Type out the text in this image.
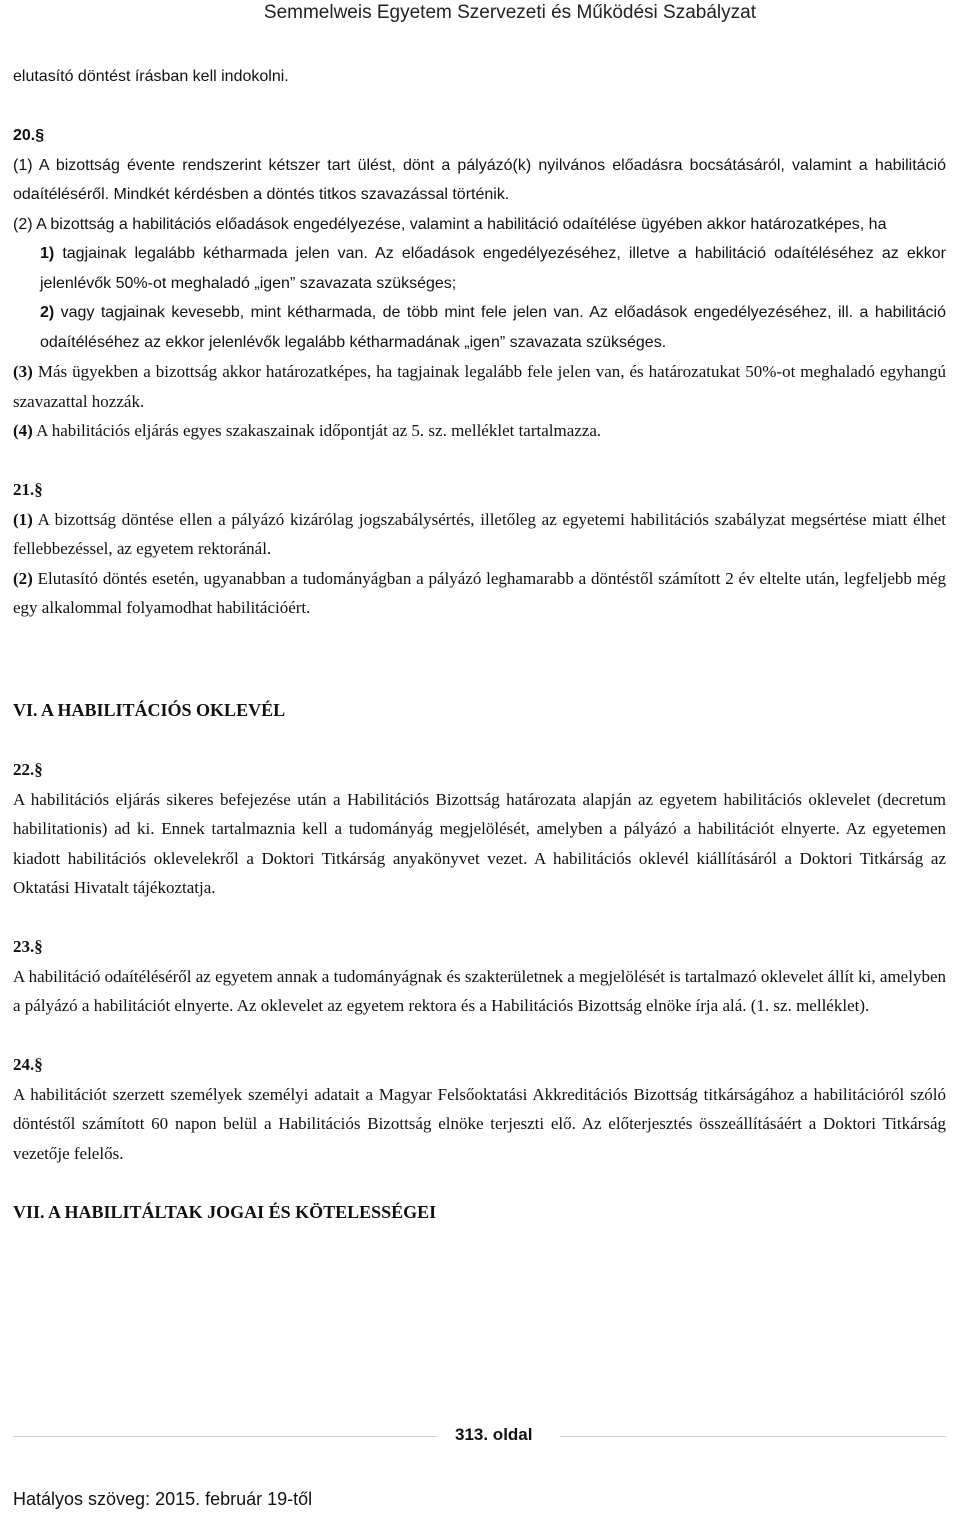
Semmelweis Egyetem Szervezeti és Működési Szabályzat

elutasító döntést írásban kell indokolni.

20.§

(1) A bizottság évente rendszerint kétszer tart ülést, dönt a pályázó(k) nyilvános előadásra bocsátásáról, valamint a habilitáció odaítéléséről. Mindkét kérdésben a döntés titkos szavazással történik.

(2) A bizottság a habilitációs előadások engedélyezése, valamint a habilitáció odaítélése ügyében akkor határozatképes, ha

1) tagjainak legalább kétharmada jelen van. Az előadások engedélyezéséhez, illetve a habilitáció odaítéléséhez az ekkor jelenlévők 50%-ot meghaladó „igen” szavazata szükséges;

2) vagy tagjainak kevesebb, mint kétharmada, de több mint fele jelen van. Az előadások engedélyezéséhez, ill. a habilitáció odaítéléséhez az ekkor jelenlévők legalább kétharmadának „igen” szavazata szükséges.

(3) Más ügyekben a bizottság akkor határozatképes, ha tagjainak legalább fele jelen van, és határozatukat 50%-ot meghaladó egyhangú szavazattal hozzák.

(4) A habilitációs eljárás egyes szakaszainak időpontját az 5. sz. melléklet tartalmazza.

21.§

(1) A bizottság döntése ellen a pályázó kizárólag jogszabálysértés, illetőleg az egyetemi habilitációs szabályzat megsértése miatt élhet fellebbezéssel, az egyetem rektoránál.

(2) Elutasító döntés esetén, ugyanabban a tudományágban a pályázó leghamarabb a döntéstől számított 2 év eltelte után, legfeljebb még egy alkalommal folyamodhat habilitációért.

VI. A HABILITÁCIÓS OKLEVÉL

22.§

A habilitációs eljárás sikeres befejezése után a Habilitációs Bizottság határozata alapján az egyetem habilitációs oklevelet (decretum habilitationis) ad ki. Ennek tartalmaznia kell a tudományág megjelölését, amelyben a pályázó a habilitációt elnyerte. Az egyetemen kiadott habilitációs oklevelekről a Doktori Titkárság anyakönyvet vezet. A habilitációs oklevél kiállításáról a Doktori Titkárság az Oktatási Hivatalt tájékoztatja.

23.§

A habilitáció odaítéléséről az egyetem annak a tudományágnak és szakterületnek a megjelölését is tartalmazó oklevelet állít ki, amelyben a pályázó a habilitációt elnyerte. Az oklevelet az egyetem rektora és a Habilitációs Bizottság elnöke írja alá. (1. sz. melléklet).

24.§

A habilitációt szerzett személyek személyi adatait a Magyar Felsőoktatási Akkreditációs Bizottság titkárságához a habilitációról szóló döntéstől számított 60 napon belül a Habilitációs Bizottság elnöke terjeszti elő. Az előterjesztés összeállításáért a Doktori Titkárság vezetője felelős.

VII. A HABILITÁLTAK JOGAI ÉS KÖTELESSÉGEI

313. oldal
Hatályos szöveg: 2015. február 19-től
